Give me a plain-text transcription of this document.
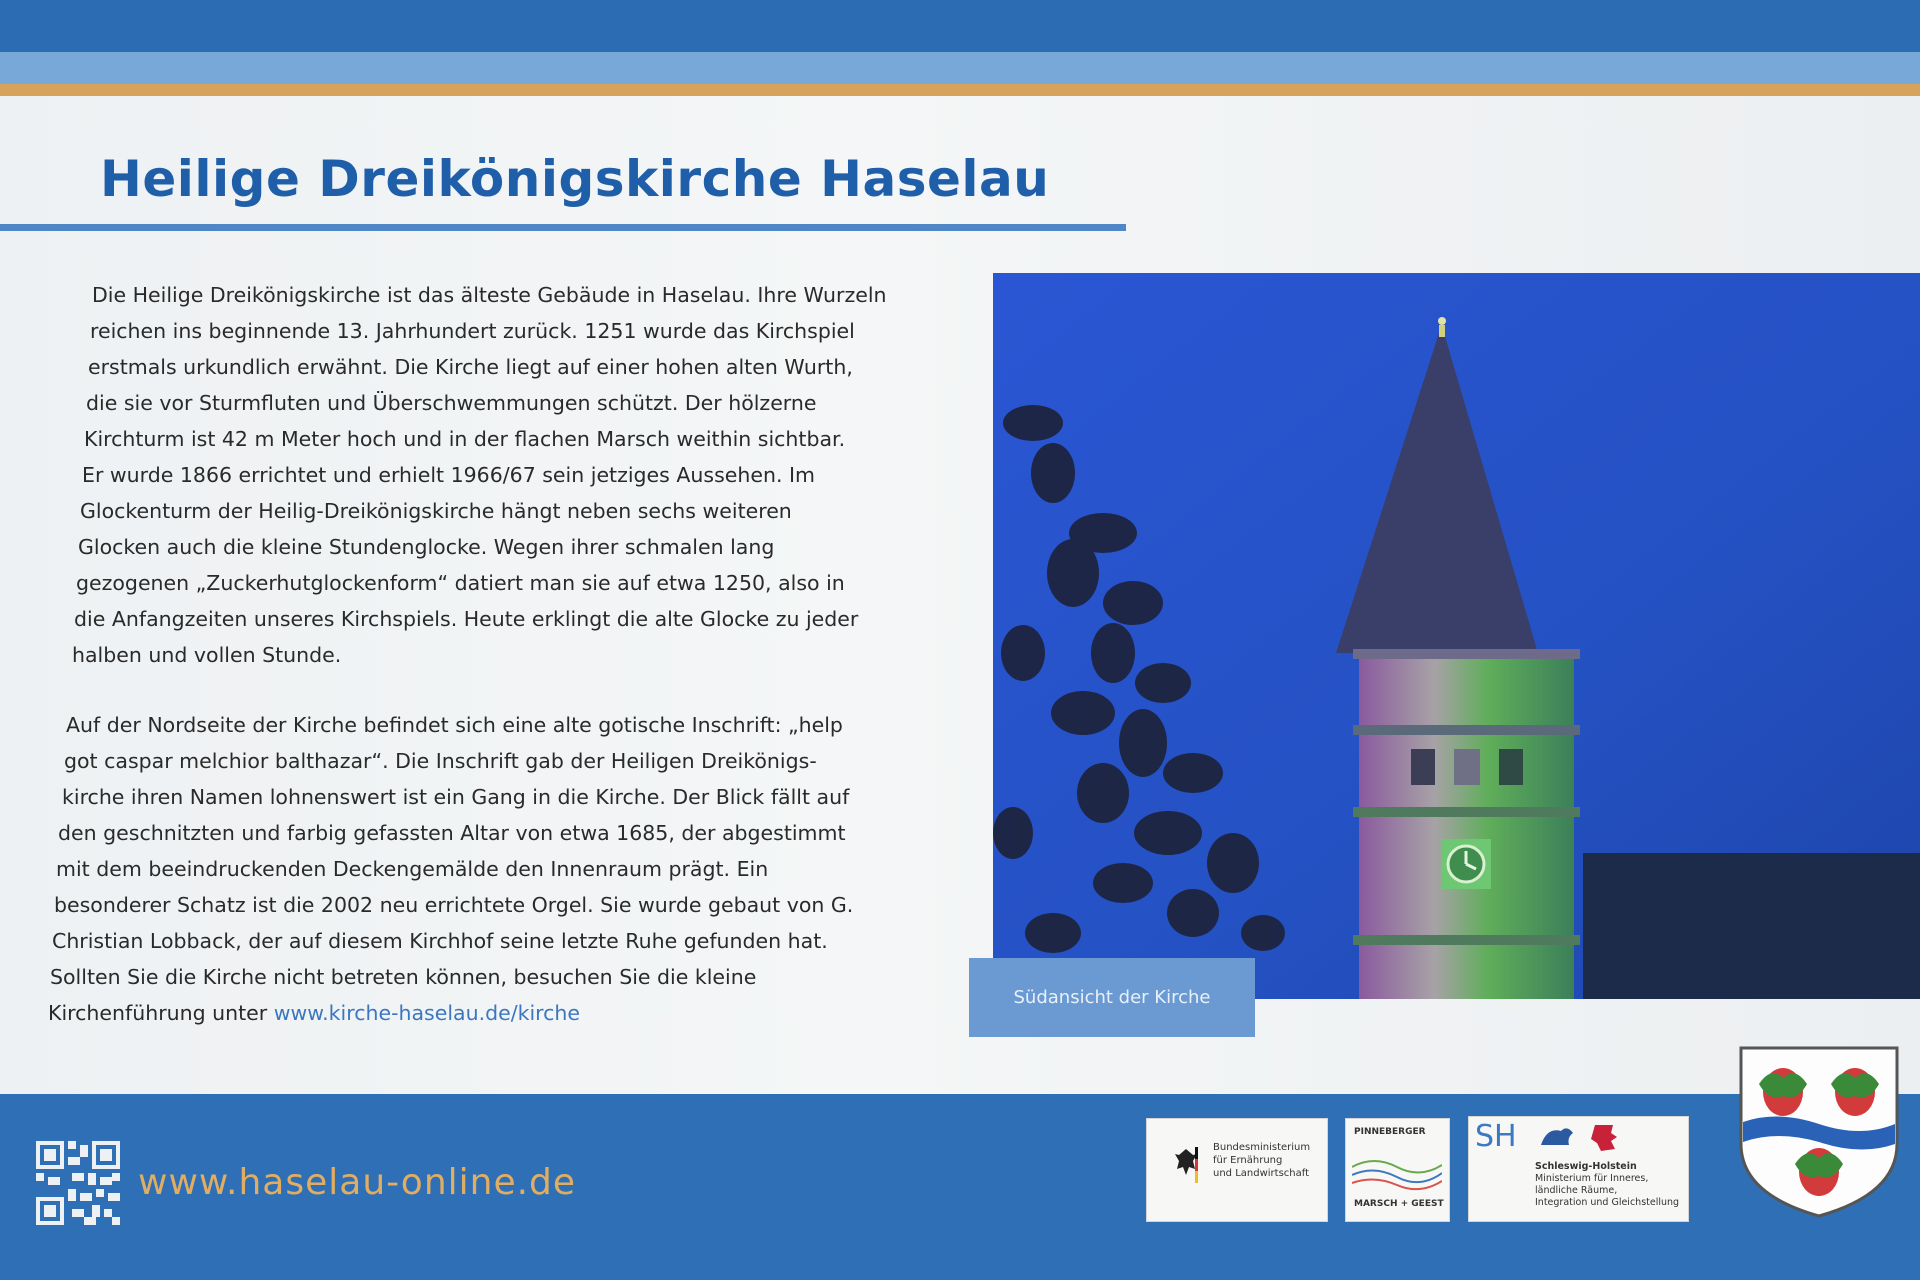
Heilige Dreikönigskirche Haselau
Die Heilige Dreikönigskirche ist das älteste Gebäude in Haselau. Ihre Wurzeln
reichen ins beginnende 13. Jahrhundert zurück. 1251 wurde das Kirchspiel
erstmals urkundlich erwähnt. Die Kirche liegt auf einer hohen alten Wurth,
die sie vor Sturmfluten und Überschwemmungen schützt. Der hölzerne
Kirchturm ist 42 m Meter hoch und in der flachen Marsch weithin sichtbar.
Er wurde 1866 errichtet und erhielt 1966/67 sein jetziges Aussehen. Im
Glockenturm der Heilig-Dreikönigskirche hängt neben sechs weiteren
Glocken auch die kleine Stundenglocke. Wegen ihrer schmalen lang
gezogenen „Zuckerhutglockenform“ datiert man sie auf etwa 1250, also in
die Anfangzeiten unseres Kirchspiels. Heute erklingt die alte Glocke zu jeder
halben und vollen Stunde.
Auf der Nordseite der Kirche befindet sich eine alte gotische Inschrift: „help
got caspar melchior balthazar“. Die Inschrift gab der Heiligen Dreikönigs-
kirche ihren Namen lohnenswert ist ein Gang in die Kirche. Der Blick fällt auf
den geschnitzten und farbig gefassten Altar von etwa 1685, der abgestimmt
mit dem beeindruckenden Deckengemälde den Innenraum prägt. Ein
besonderer Schatz ist die 2002 neu errichtete Orgel. Sie wurde gebaut von G.
Christian Lobback, der auf diesem Kirchhof seine letzte Ruhe gefunden hat.
Sollten Sie die Kirche nicht betreten können, besuchen Sie die kleine
Kirchenführung unter www.kirche-haselau.de/kirche
Südansicht der Kirche
www.haselau-online.de
Bundesministerium
für Ernährung
und Landwirtschaft
PINNEBERGER
MARSCH + GEEST
SH
Schleswig-Holstein
Ministerium für Inneres,
ländliche Räume,
Integration und Gleichstellung
